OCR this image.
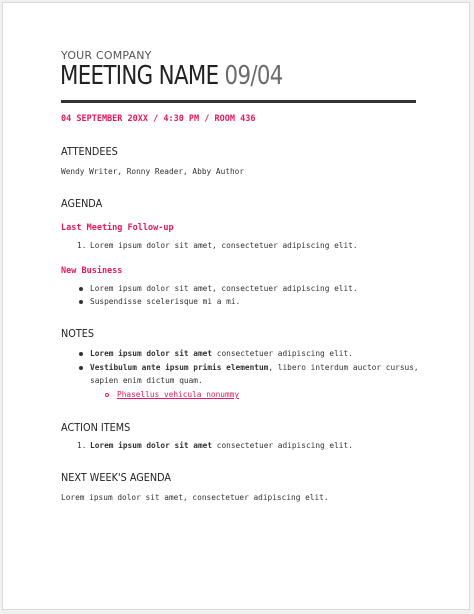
YOUR COMPANY
MEETING NAME 09/04
04 SEPTEMBER 20XX / 4:30 PM / ROOM 436
ATTENDEES
Wendy Writer, Ronny Reader, Abby Author
AGENDA
Last Meeting Follow-up
1. Lorem ipsum dolor sit amet, consectetuer adipiscing elit.
New Business
Lorem ipsum dolor sit amet, consectetuer adipiscing elit.
Suspendisse scelerisque mi a mi.
NOTES
Lorem ipsum dolor sit amet consectetuer adipiscing elit.
Vestibulum ante ipsum primis elementum, libero interdum auctor cursus,
sapien enim dictum quam.
Phasellus vehicula nonummy
ACTION ITEMS
1. Lorem ipsum dolor sit amet consectetuer adipiscing elit.
NEXT WEEK'S AGENDA
Lorem ipsum dolor sit amet, consectetuer adipiscing elit.
